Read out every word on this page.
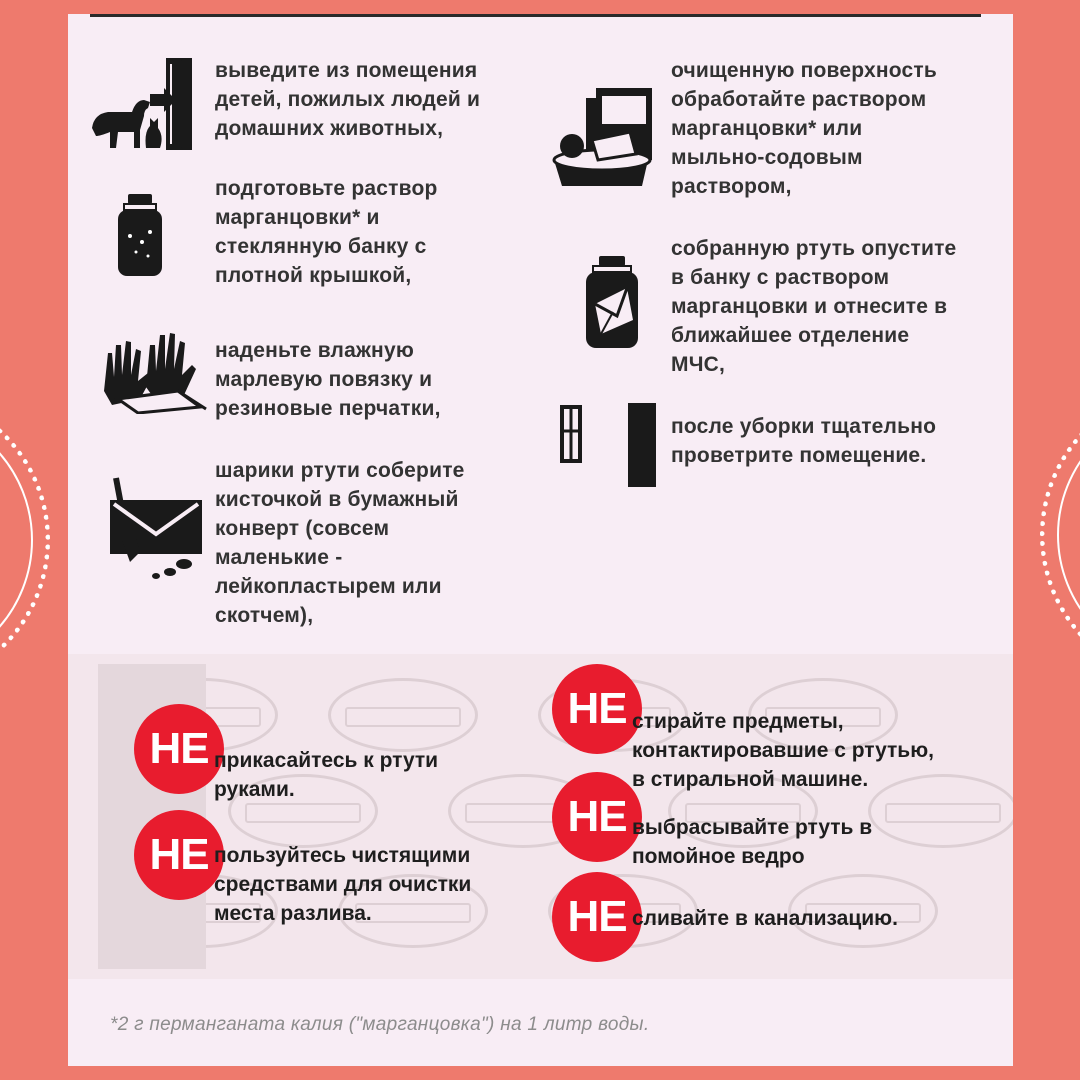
выведите из помещения
детей, пожилых людей и
домашних животных,
подготовьте раствор
марганцовки* и
стеклянную банку с
плотной крышкой,
наденьте влажную
марлевую повязку и
резиновые перчатки,
шарики ртути соберите
кисточкой в бумажный
конверт (совсем
маленькие -
лейкопластырем или
скотчем),
очищенную поверхность
обработайте раствором
марганцовки* или
мыльно-содовым
раствором,
собранную ртуть опустите
в банку с раствором
марганцовки и отнесите в
ближайшее отделение
МЧС,
после уборки тщательно
проветрите помещение.
НЕ прикасайтесь к ртути
руками.
НЕ пользуйтесь чистящими
средствами для очистки
места разлива.
НЕ стирайте предметы,
контактировавшие с ртутью,
в стиральной машине.
НЕ выбрасывайте ртуть в
помойное ведро
НЕ сливайте в канализацию.
*2 г перманганата калия ("марганцовка") на 1 литр воды.
